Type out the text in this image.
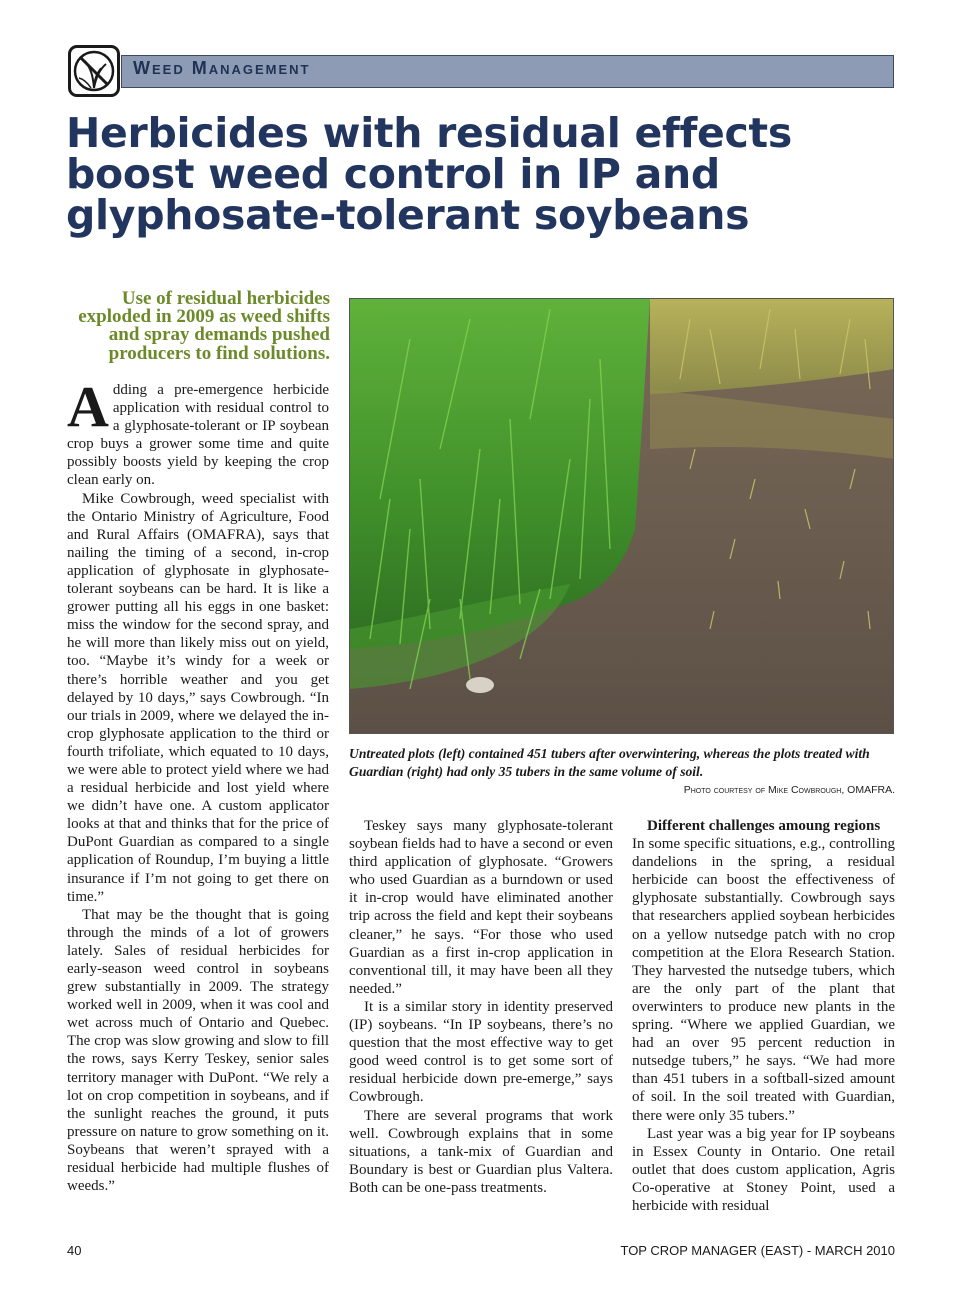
Weed Management
Herbicides with residual effects boost weed control in IP and glyphosate-tolerant soybeans
Use of residual herbicides exploded in 2009 as weed shifts and spray demands pushed producers to find solutions.

Adding a pre-emergence herbicide application with residual control to a glyphosate-tolerant or IP soybean crop buys a grower some time and quite possibly boosts yield by keeping the crop clean early on.

Mike Cowbrough, weed specialist with the Ontario Ministry of Agriculture, Food and Rural Affairs (OMAFRA), says that nailing the timing of a second, in-crop application of glyphosate in glyphosate-tolerant soybeans can be hard. It is like a grower putting all his eggs in one basket: miss the window for the second spray, and he will more than likely miss out on yield, too. “Maybe it’s windy for a week or there’s horrible weather and you get delayed by 10 days,” says Cowbrough. “In our trials in 2009, where we delayed the in-crop glyphosate application to the third or fourth trifoliate, which equated to 10 days, we were able to protect yield where we had a residual herbicide and lost yield where we didn’t have one. A custom applicator looks at that and thinks that for the price of DuPont Guardian as compared to a single application of Roundup, I’m buying a little insurance if I’m not going to get there on time.”

That may be the thought that is going through the minds of a lot of growers lately. Sales of residual herbicides for early-season weed control in soybeans grew substantially in 2009. The strategy worked well in 2009, when it was cool and wet across much of Ontario and Quebec. The crop was slow growing and slow to fill the rows, says Kerry Teskey, senior sales territory manager with DuPont. “We rely a lot on crop competition in soybeans, and if the sunlight reaches the ground, it puts pressure on nature to grow something on it. Soybeans that weren’t sprayed with a residual herbicide had multiple flushes of weeds.”

Untreated plots (left) contained 451 tubers after overwintering, whereas the plots treated with Guardian (right) had only 35 tubers in the same volume of soil.
Photo courtesy of Mike Cowbrough, OMAFRA.

Teskey says many glyphosate-tolerant soybean fields had to have a second or even third application of glyphosate. “Growers who used Guardian as a burndown or used it in-crop would have eliminated another trip across the field and kept their soybeans cleaner,” he says. “For those who used Guardian as a first in-crop application in conventional till, it may have been all they needed.”

It is a similar story in identity preserved (IP) soybeans. “In IP soybeans, there’s no question that the most effective way to get good weed control is to get some sort of residual herbicide down pre-emerge,” says Cowbrough.

There are several programs that work well. Cowbrough explains that in some situations, a tank-mix of Guardian and Boundary is best or Guardian plus Valtera. Both can be one-pass treatments.

Different challenges amoung regions

In some specific situations, e.g., controlling dandelions in the spring, a residual herbicide can boost the effectiveness of glyphosate substantially. Cowbrough says that researchers applied soybean herbicides on a yellow nutsedge patch with no crop competition at the Elora Research Station. They harvested the nutsedge tubers, which are the only part of the plant that overwinters to produce new plants in the spring. “Where we applied Guardian, we had an over 95 percent reduction in nutsedge tubers,” he says. “We had more than 451 tubers in a softball-sized amount of soil. In the soil treated with Guardian, there were only 35 tubers.”

Last year was a big year for IP soybeans in Essex County in Ontario. One retail outlet that does custom application, Agris Co-operative at Stoney Point, used a herbicide with residual

40	TOP CROP MANAGER (EAST) - MARCH 2010
